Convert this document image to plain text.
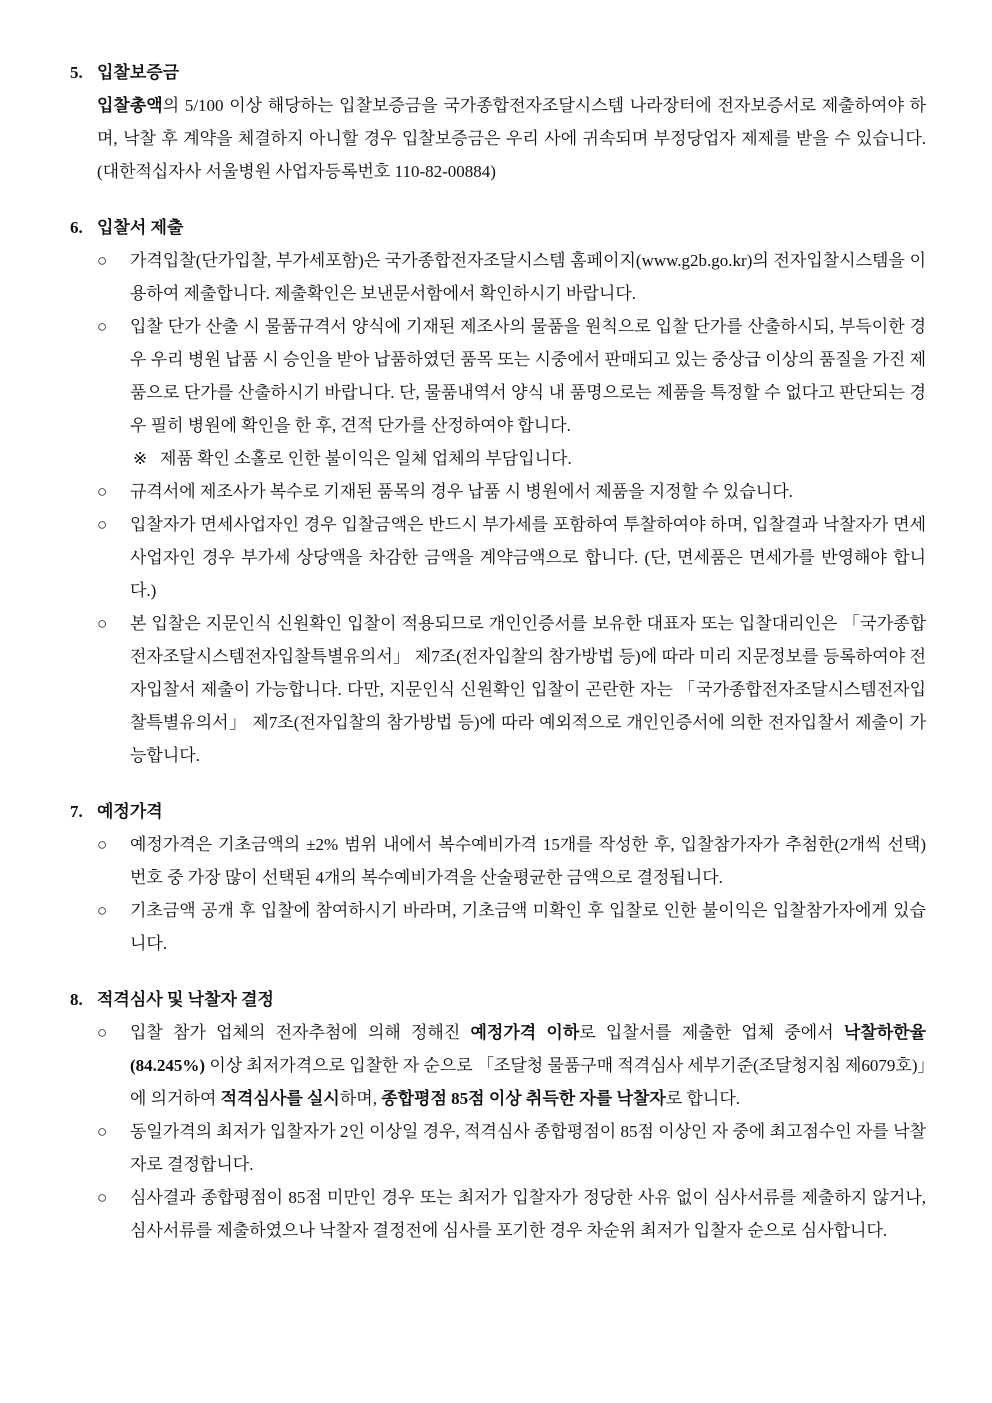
5. 입찰보증금
입찰총액의 5/100 이상 해당하는 입찰보증금을 국가종합전자조달시스템 나라장터에 전자보증서로 제출하여야 하며, 낙찰 후 계약을 체결하지 아니할 경우 입찰보증금은 우리 사에 귀속되며 부정당업자 제제를 받을 수 있습니다. (대한적십자사 서울병원 사업자등록번호 110-82-00884)
6. 입찰서 제출
○ 가격입찰(단가입찰, 부가세포함)은 국가종합전자조달시스템 홈페이지(www.g2b.go.kr)의 전자입찰시스템을 이용하여 제출합니다. 제출확인은 보낸문서함에서 확인하시기 바랍니다.
○ 입찰 단가 산출 시 물품규격서 양식에 기재된 제조사의 물품을 원칙으로 입찰 단가를 산출하시되, 부득이한 경우 우리 병원 납품 시 승인을 받아 납품하였던 품목 또는 시중에서 판매되고 있는 중상급 이상의 품질을 가진 제품으로 단가를 산출하시기 바랍니다. 단, 물품내역서 양식 내 품명으로는 제품을 특정할 수 없다고 판단되는 경우 필히 병원에 확인을 한 후, 견적 단가를 산정하여야 합니다.
※ 제품 확인 소홀로 인한 불이익은 일체 업체의 부담입니다.
○ 규격서에 제조사가 복수로 기재된 품목의 경우 납품 시 병원에서 제품을 지정할 수 있습니다.
○ 입찰자가 면세사업자인 경우 입찰금액은 반드시 부가세를 포함하여 투찰하여야 하며, 입찰결과 낙찰자가 면세사업자인 경우 부가세 상당액을 차감한 금액을 계약금액으로 합니다. (단, 면세품은 면세가를 반영해야 합니다.)
○ 본 입찰은 지문인식 신원확인 입찰이 적용되므로 개인인증서를 보유한 대표자 또는 입찰대리인은 「국가종합전자조달시스템전자입찰특별유의서」 제7조(전자입찰의 참가방법 등)에 따라 미리 지문정보를 등록하여야 전자입찰서 제출이 가능합니다. 다만, 지문인식 신원확인 입찰이 곤란한 자는 「국가종합전자조달시스템전자입찰특별유의서」 제7조(전자입찰의 참가방법 등)에 따라 예외적으로 개인인증서에 의한 전자입찰서 제출이 가능합니다.
7. 예정가격
○ 예정가격은 기초금액의 ±2% 범위 내에서 복수예비가격 15개를 작성한 후, 입찰참가자가 추첨한(2개씩 선택) 번호 중 가장 많이 선택된 4개의 복수예비가격을 산술평균한 금액으로 결정됩니다.
○ 기초금액 공개 후 입찰에 참여하시기 바라며, 기초금액 미확인 후 입찰로 인한 불이익은 입찰참가자에게 있습니다.
8. 적격심사 및 낙찰자 결정
○ 입찰 참가 업체의 전자추첨에 의해 정해진 예정가격 이하로 입찰서를 제출한 업체 중에서 낙찰하한율(84.245%) 이상 최저가격으로 입찰한 자 순으로 「조달청 물품구매 적격심사 세부기준(조달청지침 제6079호)」에 의거하여 적격심사를 실시하며, 종합평점 85점 이상 취득한 자를 낙찰자로 합니다.
○ 동일가격의 최저가 입찰자가 2인 이상일 경우, 적격심사 종합평점이 85점 이상인 자 중에 최고점수인 자를 낙찰자로 결정합니다.
○ 심사결과 종합평점이 85점 미만인 경우 또는 최저가 입찰자가 정당한 사유 없이 심사서류를 제출하지 않거나, 심사서류를 제출하였으나 낙찰자 결정전에 심사를 포기한 경우 차순위 최저가 입찰자 순으로 심사합니다.
